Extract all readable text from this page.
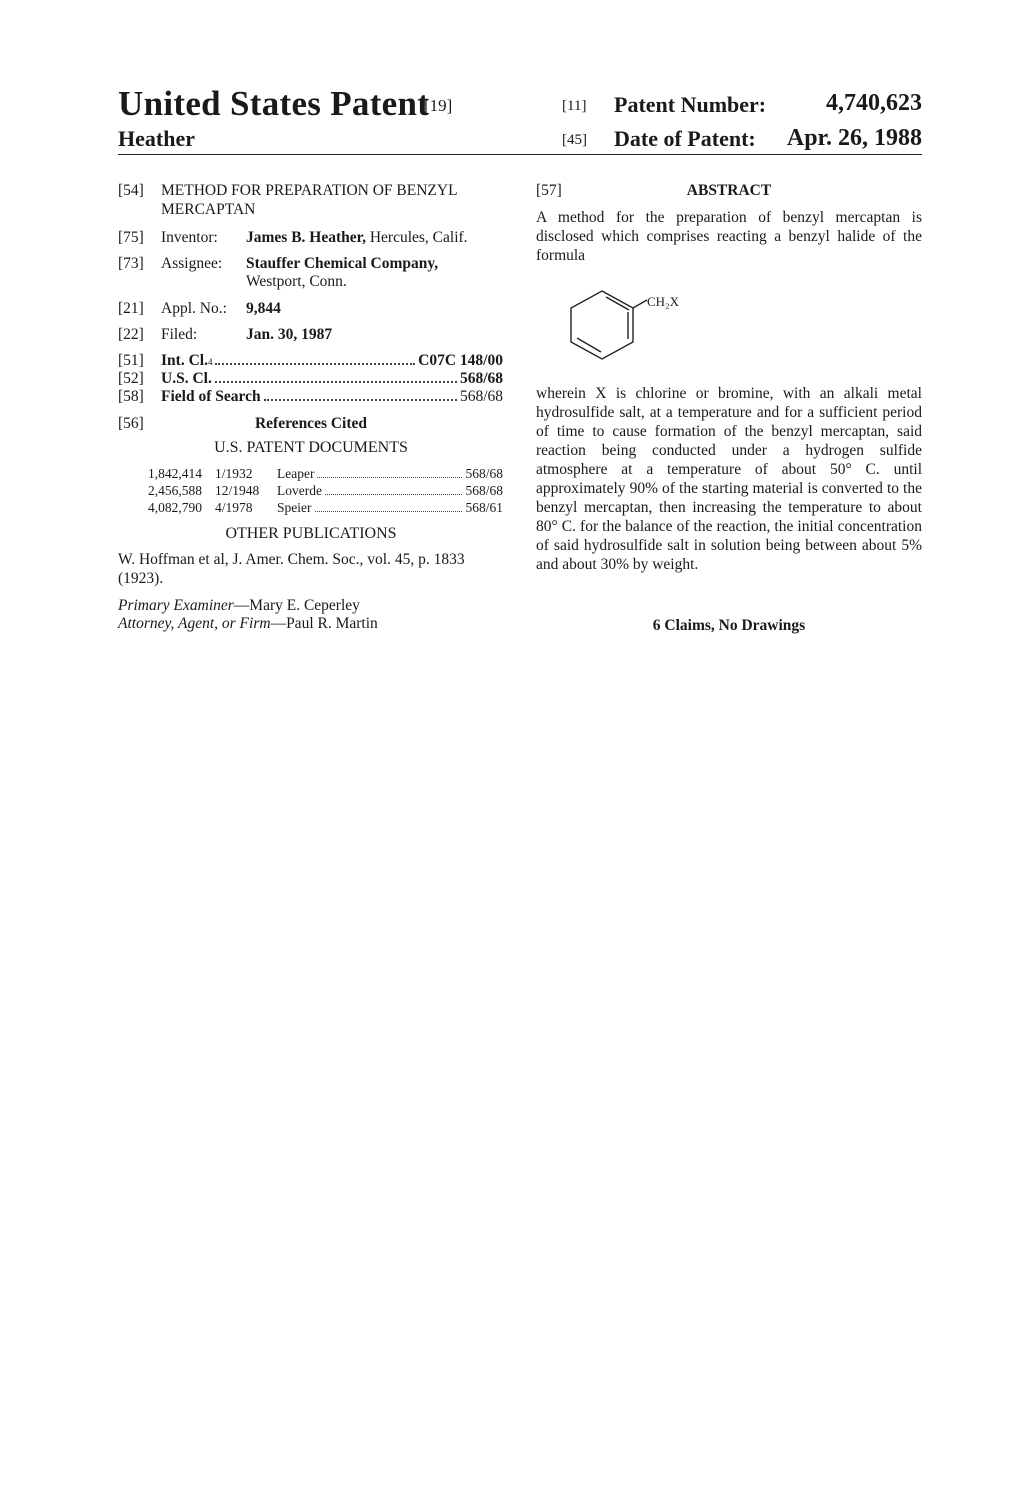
United States Patent
[19]
Heather
[11] Patent Number:	4,740,623
[45] Date of Patent:	Apr. 26, 1988
[54] METHOD FOR PREPARATION OF BENZYL
MERCAPTAN
[75] Inventor: James B. Heather, Hercules, Calif.
[73] Assignee: Stauffer Chemical Company,
Westport, Conn.
[21] Appl. No.: 9,844
[22] Filed:	Jan. 30, 1987
[51] Int. Cl. 4	C07C 148/00
[52] U.S. Cl.	568/68
[58] Field of Search	568/68
[56]	References Cited
U.S. PATENT DOCUMENTS
1,842,414 1/1932	Leaper	568/68
2,456,588 12/1948	Loverde	568/68
4,082,790 4/1978	Speier	568/61
OTHER PUBLICATIONS
W. Hoffman et al, J. Amer. Chem. Soc., vol. 45, p. 1833 (1923).
Primary Examiner—Mary E. Ceperley
Attorney, Agent, or Firm—Paul R. Martin
[57]	ABSTRACT
A method for the preparation of benzyl mercaptan is disclosed which comprises reacting a benzyl halide of the formula
CH₂X
wherein X is chlorine or bromine, with an alkali metal hydrosulfide salt, at a temperature and for a sufficient period of time to cause formation of the benzyl mercaptan, said reaction being conducted under a hydrogen sulfide atmosphere at a temperature of about 50° C. until approximately 90% of the starting material is converted to the benzyl mercaptan, then increasing the temperature to about 80° C. for the balance of the reaction, the initial concentration of said hydrosulfide salt in solution being between about 5% and about 30% by weight.
6 Claims, No Drawings
